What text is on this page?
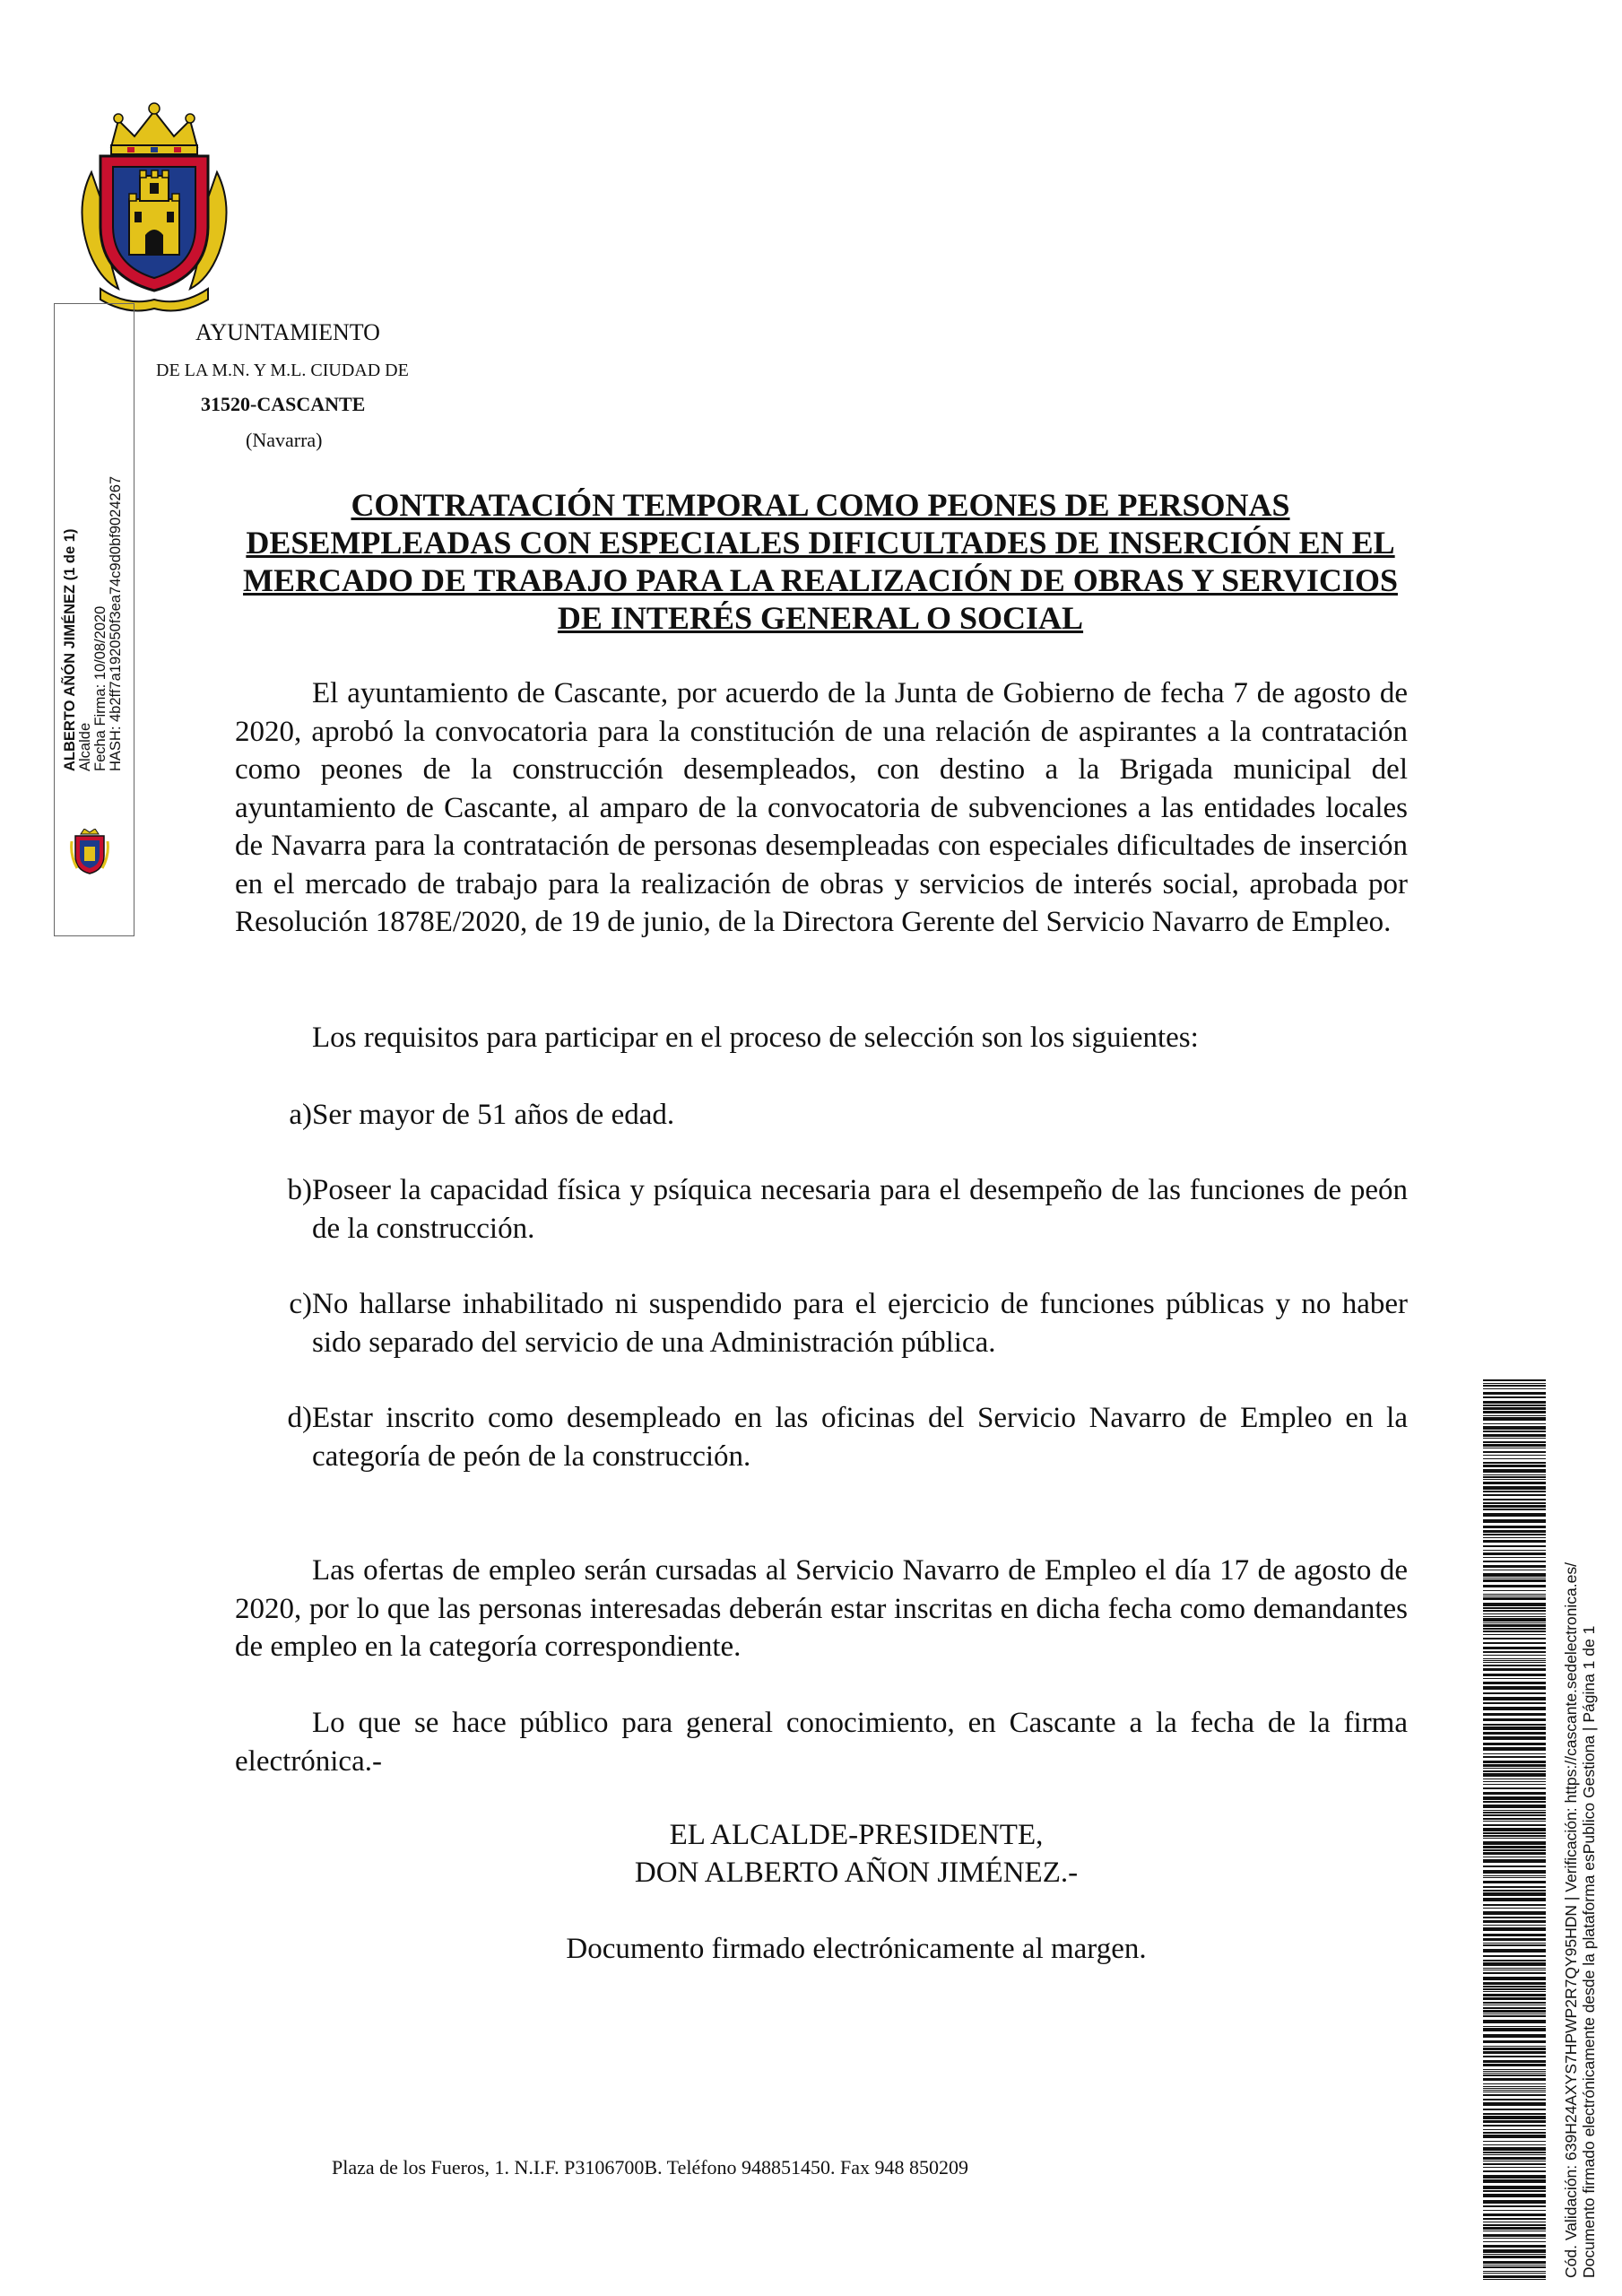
AYUNTAMIENTO
DE LA M.N. Y M.L. CIUDAD DE
31520-CASCANTE
(Navarra)
ALBERTO AÑÓN JIMÉNEZ (1 de 1) Alcalde Fecha Firma: 10/08/2020 HASH: 4b2ff7a192050f3ea74c9d0bf9024267	CONTRATACIÓN TEMPORAL COMO PEONES DE PERSONAS DESEMPLEADAS CON ESPECIALES DIFICULTADES DE INSERCIÓN EN EL MERCADO DE TRABAJO PARA LA REALIZACIÓN DE OBRAS Y SERVICIOS DE INTERÉS GENERAL O SOCIAL
El ayuntamiento de Cascante, por acuerdo de la Junta de Gobierno de fecha 7 de agosto de 2020, aprobó la convocatoria para la constitución de una relación de aspirantes a la contratación como peones de la construcción desempleados, con destino a la Brigada municipal del ayuntamiento de Cascante, al amparo de la convocatoria de subvenciones a las entidades locales de Navarra para la contratación de personas desempleadas con especiales dificultades de inserción en el mercado de trabajo para la realización de obras y servicios de interés social, aprobada por Resolución 1878E/2020, de 19 de junio, de la Directora Gerente del Servicio Navarro de Empleo.
Los requisitos para participar en el proceso de selección son los siguientes:
a) Ser mayor de 51 años de edad.
b) Poseer la capacidad física y psíquica necesaria para el desempeño de las funciones de peón de la construcción.
c) No hallarse inhabilitado ni suspendido para el ejercicio de funciones públicas y no haber sido separado del servicio de una Administración pública.
d) Estar inscrito como desempleado en las oficinas del Servicio Navarro de Empleo en la categoría de peón de la construcción.
Las ofertas de empleo serán cursadas al Servicio Navarro de Empleo el día 17 de agosto de 2020, por lo que las personas interesadas deberán estar inscritas en dicha fecha como demandantes de empleo en la categoría correspondiente.
Lo que se hace público para general conocimiento, en Cascante a la fecha de la firma electrónica.-
EL ALCALDE-PRESIDENTE,
DON ALBERTO AÑON JIMÉNEZ.-
Documento firmado electrónicamente al margen.
Plaza de los Fueros, 1. N.I.F. P3106700B. Teléfono 948851450. Fax 948 850209	Cód. Validación: 639H24AXYS7HPWP2R7QY95HDN | Verificación: https://cascante.sedelectronica.es/ Documento firmado electrónicamente desde la plataforma esPublico Gestiona | Página 1 de 1
